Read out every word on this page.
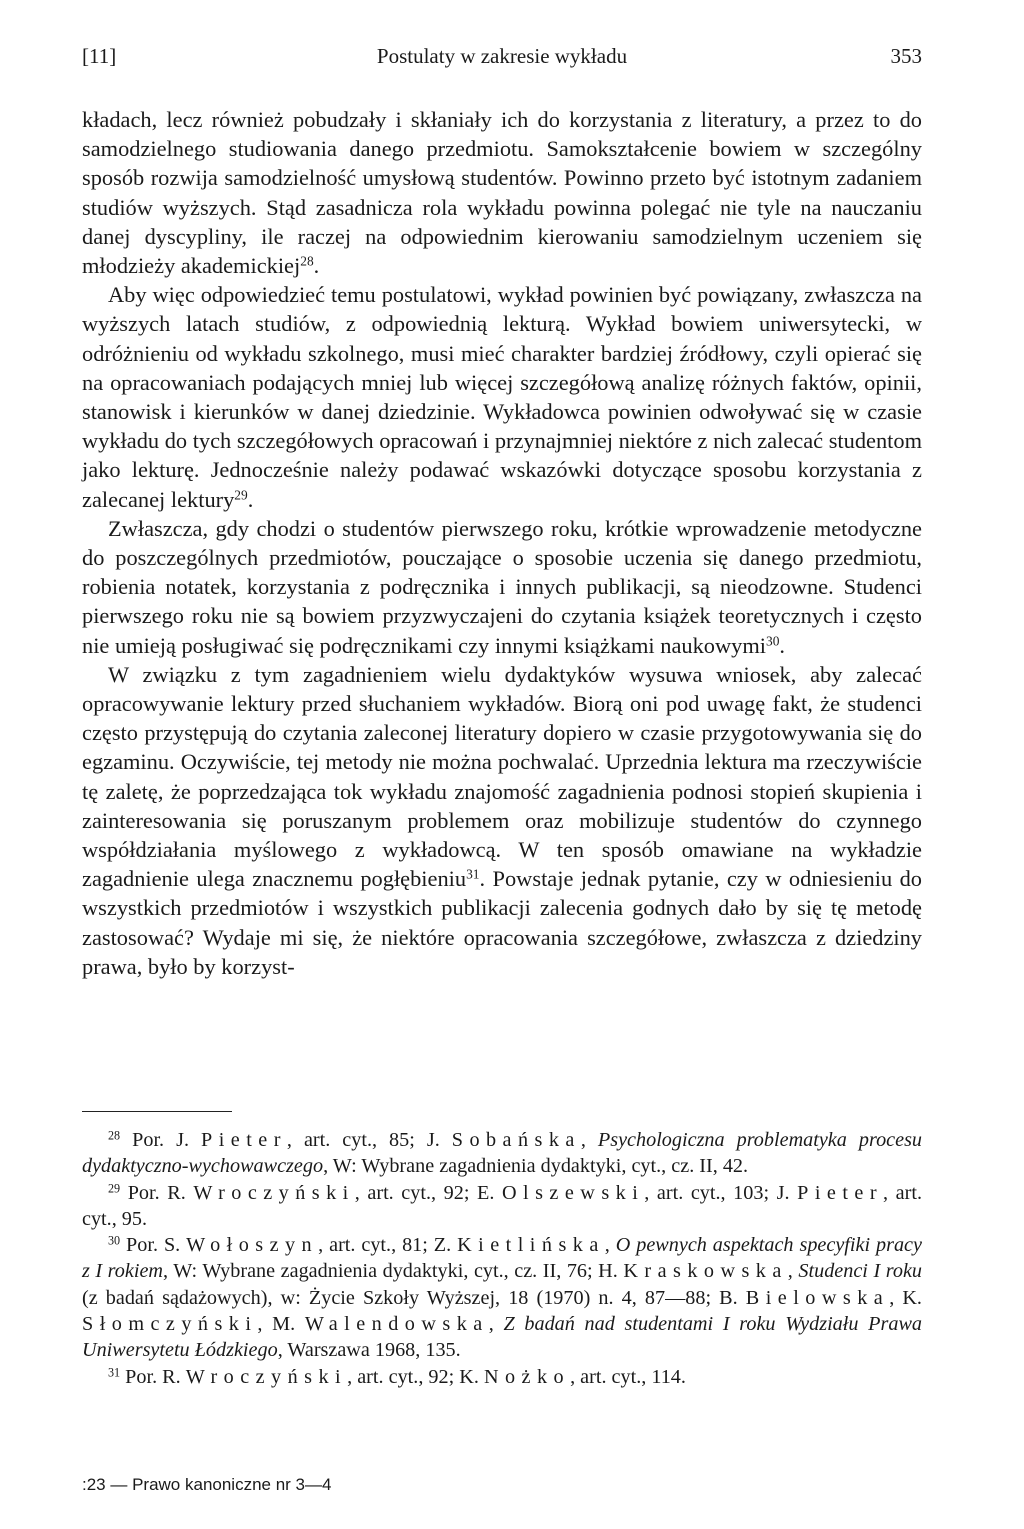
[11]	Postulaty w zakresie wykładu	353

kładach, lecz również pobudzały i skłaniały ich do korzystania z literatury, a przez to do samodzielnego studiowania danego przedmiotu. Samokształcenie bowiem w szczególny sposób rozwija samodzielność umysłową studentów. Powinno przeto być istotnym zadaniem studiów wyższych. Stąd zasadnicza rola wykładu powinna polegać nie tyle na nauczaniu danej dyscypliny, ile raczej na odpowiednim kierowaniu samodzielnym uczeniem się młodzieży akademickiej$^{28}$.

Aby więc odpowiedzieć temu postulatowi, wykład powinien być powiązany, zwłaszcza na wyższych latach studiów, z odpowiednią lekturą. Wykład bowiem uniwersytecki, w odróżnieniu od wykładu szkolnego, musi mieć charakter bardziej źródłowy, czyli opierać się na opracowaniach podających mniej lub więcej szczegółową analizę różnych faktów, opinii, stanowisk i kierunków w danej dziedzinie. Wykładowca powinien odwoływać się w czasie wykładu do tych szczegółowych opracowań i przynajmniej niektóre z nich zalecać studentom jako lekturę. Jednocześnie należy podawać wskazówki dotyczące sposobu korzystania z zalecanej lektury$^{29}$.

Zwłaszcza, gdy chodzi o studentów pierwszego roku, krótkie wprowadzenie metodyczne do poszczególnych przedmiotów, pouczające o sposobie uczenia się danego przedmiotu, robienia notatek, korzystania z podręcznika i innych publikacji, są nieodzowne. Studenci pierwszego roku nie są bowiem przyzwyczajeni do czytania książek teoretycznych i często nie umieją posługiwać się podręcznikami czy innymi książkami naukowymi$^{30}$.

W związku z tym zagadnieniem wielu dydaktyków wysuwa wniosek, aby zalecać opracowywanie lektury przed słuchaniem wykładów. Biorą oni pod uwagę fakt, że studenci często przystępują do czytania zaleconej literatury dopiero w czasie przygotowywania się do egzaminu. Oczywiście, tej metody nie można pochwalać. Uprzednia lektura ma rzeczywiście tę zaletę, że poprzedzająca tok wykładu znajomość zagadnienia podnosi stopień skupienia i zainteresowania się poruszanym problemem oraz mobilizuje studentów do czynnego współdziałania myślowego z wykładowcą. W ten sposób omawiane na wykładzie zagadnienie ulega znacznemu pogłębieniu$^{31}$. Powstaje jednak pytanie, czy w odniesieniu do wszystkich przedmiotów i wszystkich publikacji zalecenia godnych dało by się tę metodę zastosować? Wydaje mi się, że niektóre opracowania szczegółowe, zwłaszcza z dziedziny prawa, było by korzyst-

$^{28}$ Por. J. Pieter, art. cyt., 85; J. Sobańska, Psychologiczna problematyka procesu dydaktyczno-wychowawczego, W: Wybrane zagadnienia dydaktyki, cyt., cz. II, 42.

$^{29}$ Por. R. Wroczyński, art. cyt., 92; E. Olszewski, art. cyt., 103; J. Pieter, art. cyt., 95.

$^{30}$ Por. S. Wołoszyn, art. cyt., 81; Z. Kietlińska, O pewnych aspektach specyfiki pracy z I rokiem, W: Wybrane zagadnienia dydaktyki, cyt., cz. II, 76; H. Kraskowska, Studenci I roku (z badań sądażowych), w: Życie Szkoły Wyższej, 18 (1970) n. 4, 87—88; B. Bielowska, K. Słomczyński, M. Walendowska, Z badań nad studentami I roku Wydziału Prawa Uniwersytetu Łódzkiego, Warszawa 1968, 135.

$^{31}$ Por. R. Wroczyński, art. cyt., 92; K. Nożko, art. cyt., 114.

:23 — Prawo kanoniczne nr 3—4
